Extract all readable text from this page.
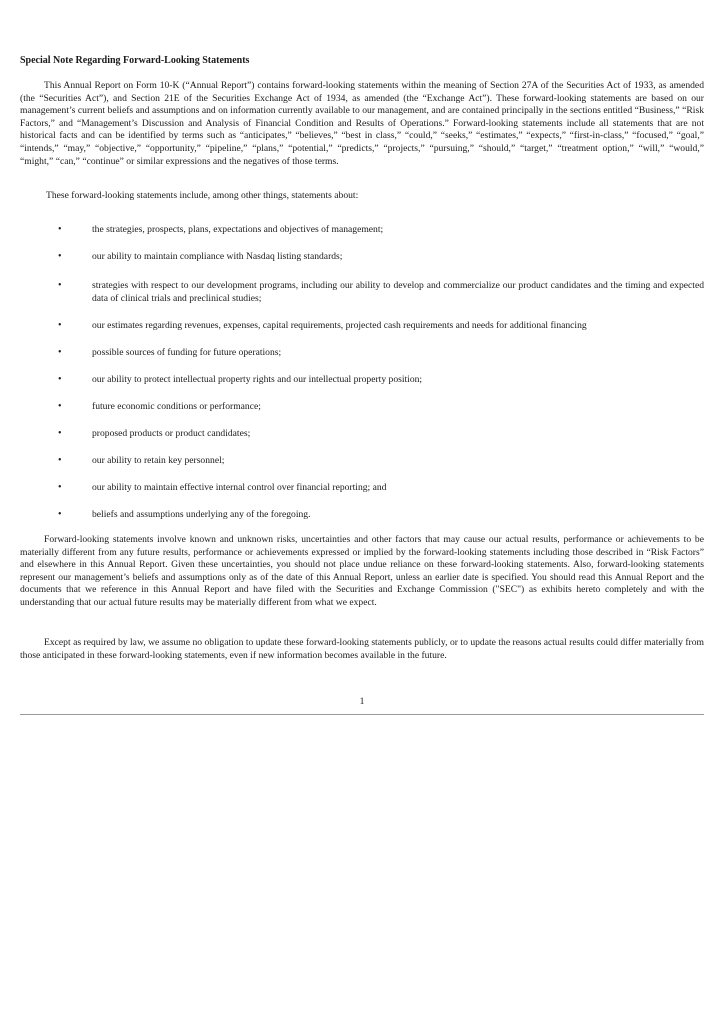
Special Note Regarding Forward-Looking Statements

This Annual Report on Form 10-K (“Annual Report”) contains forward-looking statements within the meaning of Section 27A of the Securities Act of 1933, as amended (the “Securities Act”), and Section 21E of the Securities Exchange Act of 1934, as amended (the “Exchange Act”). These forward-looking statements are based on our management’s current beliefs and assumptions and on information currently available to our management, and are contained principally in the sections entitled “Business,” “Risk Factors,” and “Management’s Discussion and Analysis of Financial Condition and Results of Operations.” Forward-looking statements include all statements that are not historical facts and can be identified by terms such as “anticipates,” “believes,” “best in class,” “could,” “seeks,” “estimates,” “expects,” “first-in-class,” “focused,” “goal,” “intends,” “may,” “objective,” “opportunity,” “pipeline,” “plans,” “potential,” “predicts,” “projects,” “pursuing,” “should,” “target,” “treatment option,” “will,” “would,” “might,” “can,” “continue” or similar expressions and the negatives of those terms.

These forward-looking statements include, among other things, statements about:

•	the strategies, prospects, plans, expectations and objectives of management;
•	our ability to maintain compliance with Nasdaq listing standards;
•	strategies with respect to our development programs, including our ability to develop and commercialize our product candidates and the timing and expected data of clinical trials and preclinical studies;
•	our estimates regarding revenues, expenses, capital requirements, projected cash requirements and needs for additional financing
•	possible sources of funding for future operations;
•	our ability to protect intellectual property rights and our intellectual property position;
•	future economic conditions or performance;
•	proposed products or product candidates;
•	our ability to retain key personnel;
•	our ability to maintain effective internal control over financial reporting; and
•	beliefs and assumptions underlying any of the foregoing.

Forward-looking statements involve known and unknown risks, uncertainties and other factors that may cause our actual results, performance or achievements to be materially different from any future results, performance or achievements expressed or implied by the forward-looking statements including those described in “Risk Factors” and elsewhere in this Annual Report. Given these uncertainties, you should not place undue reliance on these forward-looking statements. Also, forward-looking statements represent our management’s beliefs and assumptions only as of the date of this Annual Report, unless an earlier date is specified. You should read this Annual Report and the documents that we reference in this Annual Report and have filed with the Securities and Exchange Commission ("SEC") as exhibits hereto completely and with the understanding that our actual future results may be materially different from what we expect.

Except as required by law, we assume no obligation to update these forward-looking statements publicly, or to update the reasons actual results could differ materially from those anticipated in these forward-looking statements, even if new information becomes available in the future.

1
